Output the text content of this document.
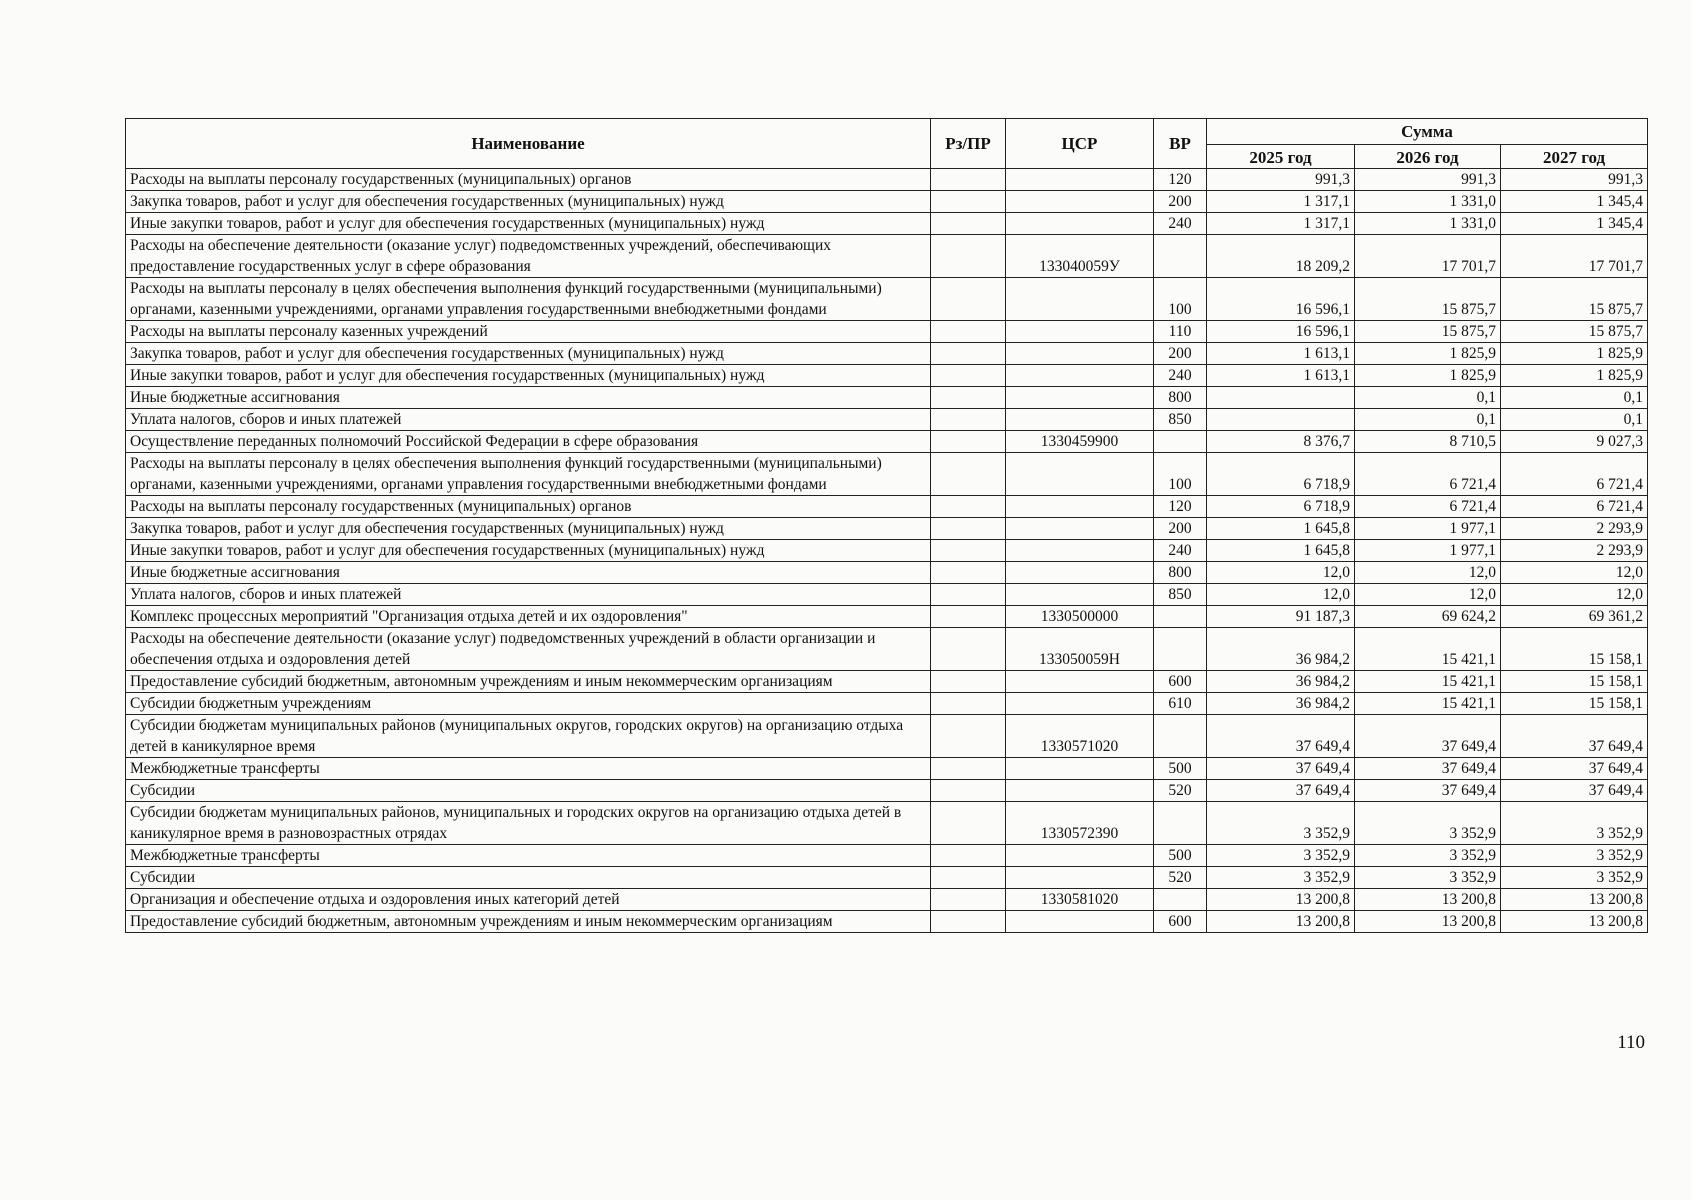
Наименование	Рз/ПР	ЦСР	ВР	Сумма		
				2025 год	2026 год	2027 год
Расходы на выплаты персоналу государственных (муниципальных) органов			120	991,3	991,3	991,3
Закупка товаров, работ и услуг для обеспечения государственных (муниципальных) нужд			200	1 317,1	1 331,0	1 345,4
Иные закупки товаров, работ и услуг для обеспечения государственных (муниципальных) нужд			240	1 317,1	1 331,0	1 345,4
Расходы на обеспечение деятельности (оказание услуг) подведомственных учреждений, обеспечивающих предоставление государственных услуг в сфере образования		133040059У		18 209,2	17 701,7	17 701,7
Расходы на выплаты персоналу в целях обеспечения выполнения функций государственными (муниципальными) органами, казенными учреждениями, органами управления государственными внебюджетными фондами			100	16 596,1	15 875,7	15 875,7
Расходы на выплаты персоналу казенных учреждений			110	16 596,1	15 875,7	15 875,7
Закупка товаров, работ и услуг для обеспечения государственных (муниципальных) нужд			200	1 613,1	1 825,9	1 825,9
Иные закупки товаров, работ и услуг для обеспечения государственных (муниципальных) нужд			240	1 613,1	1 825,9	1 825,9
Иные бюджетные ассигнования			800		0,1	0,1
Уплата налогов, сборов и иных платежей			850		0,1	0,1
Осуществление переданных полномочий Российской Федерации в сфере образования		1330459900		8 376,7	8 710,5	9 027,3
Расходы на выплаты персоналу в целях обеспечения выполнения функций государственными (муниципальными) органами, казенными учреждениями, органами управления государственными внебюджетными фондами			100	6 718,9	6 721,4	6 721,4
Расходы на выплаты персоналу государственных (муниципальных) органов			120	6 718,9	6 721,4	6 721,4
Закупка товаров, работ и услуг для обеспечения государственных (муниципальных) нужд			200	1 645,8	1 977,1	2 293,9
Иные закупки товаров, работ и услуг для обеспечения государственных (муниципальных) нужд			240	1 645,8	1 977,1	2 293,9
Иные бюджетные ассигнования			800	12,0	12,0	12,0
Уплата налогов, сборов и иных платежей			850	12,0	12,0	12,0
Комплекс процессных мероприятий "Организация отдыха детей и их оздоровления"		1330500000		91 187,3	69 624,2	69 361,2
Расходы на обеспечение деятельности (оказание услуг) подведомственных учреждений в области организации и обеспечения отдыха и оздоровления детей		133050059Н		36 984,2	15 421,1	15 158,1
Предоставление субсидий бюджетным, автономным учреждениям и иным некоммерческим организациям			600	36 984,2	15 421,1	15 158,1
Субсидии бюджетным учреждениям			610	36 984,2	15 421,1	15 158,1
Субсидии бюджетам муниципальных районов (муниципальных округов, городских округов) на организацию отдыха детей в каникулярное время		1330571020		37 649,4	37 649,4	37 649,4
Межбюджетные трансферты			500	37 649,4	37 649,4	37 649,4
Субсидии			520	37 649,4	37 649,4	37 649,4
Субсидии бюджетам муниципальных районов, муниципальных и городских округов на организацию отдыха детей в каникулярное время в разновозрастных отрядах		1330572390		3 352,9	3 352,9	3 352,9
Межбюджетные трансферты			500	3 352,9	3 352,9	3 352,9
Субсидии			520	3 352,9	3 352,9	3 352,9
Организация и обеспечение отдыха и оздоровления иных категорий детей		1330581020		13 200,8	13 200,8	13 200,8
Предоставление субсидий бюджетным, автономным учреждениям и иным некоммерческим организациям			600	13 200,8	13 200,8	13 200,8
110
